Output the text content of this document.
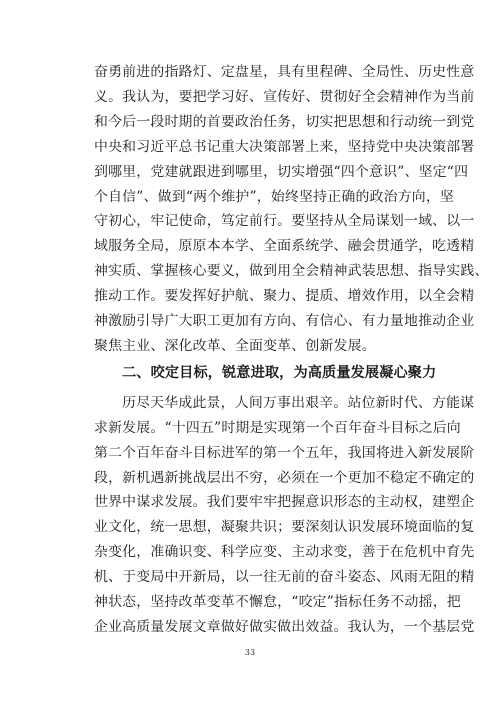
奋勇前进的指路灯、定盘星，具有里程碑、全局性、历史性意
义。我认为，要把学习好、宣传好、贯彻好全会精神作为当前
和今后一段时期的首要政治任务，切实把思想和行动统一到党
中央和习近平总书记重大决策部署上来，坚持党中央决策部署
到哪里，党建就跟进到哪里，切实增强“四个意识”、坚定“四
个自信”、做到“两个维护”，始终坚持正确的政治方向，坚
守初心，牢记使命，笃定前行。要坚持从全局谋划一域、以一
域服务全局，原原本本学、全面系统学、融会贯通学，吃透精
神实质、掌握核心要义，做到用全会精神武装思想、指导实践、
推动工作。要发挥好护航、聚力、提质、增效作用，以全会精
神激励引导广大职工更加有方向、有信心、有力量地推动企业
聚焦主业、深化改革、全面变革、创新发展。
二、咬定目标，锐意进取，为高质量发展凝心聚力
历尽天华成此景，人间万事出艰辛。站位新时代、方能谋
求新发展。“十四五”时期是实现第一个百年奋斗目标之后向
第二个百年奋斗目标进军的第一个五年，我国将进入新发展阶
段，新机遇新挑战层出不穷，必须在一个更加不稳定不确定的
世界中谋求发展。我们要牢牢把握意识形态的主动权，建塑企
业文化，统一思想，凝聚共识；要深刻认识发展环境面临的复
杂变化，准确识变、科学应变、主动求变，善于在危机中育先
机、于变局中开新局，以一往无前的奋斗姿态、风雨无阻的精
神状态，坚持改革变革不懈怠，“咬定”指标任务不动摇，把
企业高质量发展文章做好做实做出效益。我认为，一个基层党
33
